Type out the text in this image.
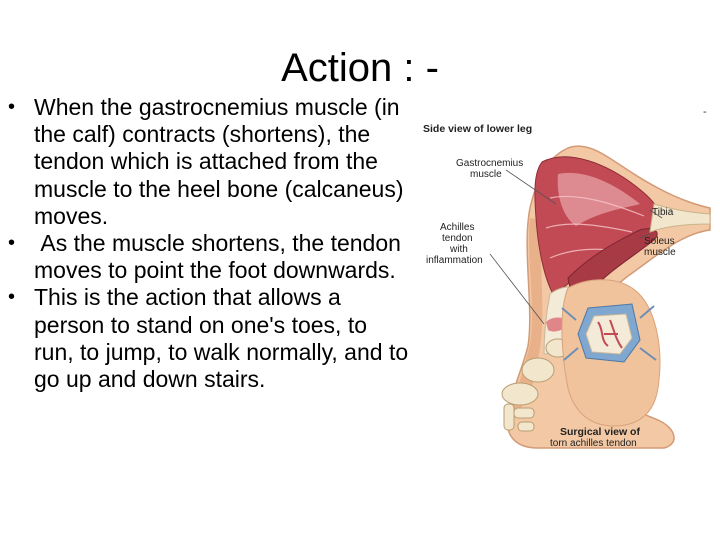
Action : -
• When the gastrocnemius muscle (in the calf) contracts (shortens), the tendon which is attached from the muscle to the heel bone (calcaneus) moves.
• As the muscle shortens, the tendon moves to point the foot downwards.
• This is the action that allows a person to stand on one's toes, to run, to jump, to walk normally, and to go up and down stairs.
-
Side view of lower leg
Gastrocnemius
muscle
Achilles
tendon
with
inflammation
Tibia
Soleus
muscle
Surgical view of
torn achilles tendon
